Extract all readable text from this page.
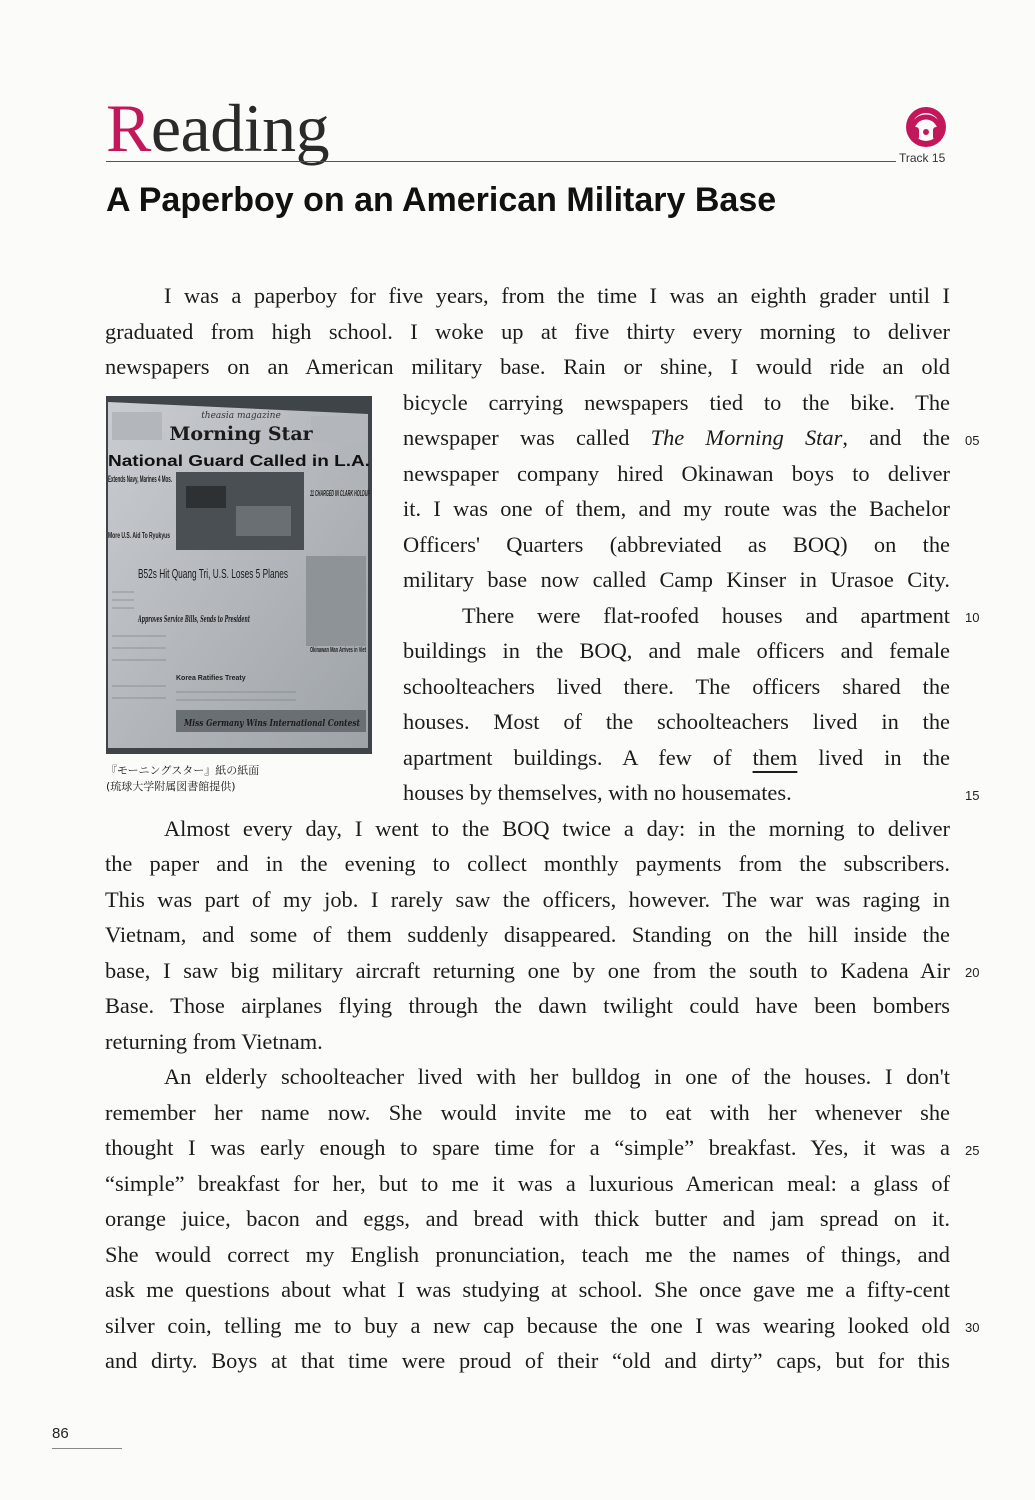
Reading	Track 15
A Paperboy on an American Military Base
theasia magazine
Morning Star
National Guard Called in L.A.
Extends Navy, Marines 4 Mos.
11 CHARGED IN CLARK HOLDUP
More U.S. Aid To Ryukyus
B52s Hit Quang Tri, U.S. Loses 5 Planes
Approves Service Bills, Sends to President
Okinawan Man Arrives in Viet
Korea Ratifies Treaty
Miss Germany Wins International Contest
『モーニングスター』紙の紙面
(琉球大学附属図書館提供)
I was a paperboy for five years, from the time I was an eighth grader until I
graduated from high school. I woke up at five thirty every morning to deliver
newspapers on an American military base. Rain or shine, I would ride an old
bicycle carrying newspapers tied to the bike. The
newspaper was called The Morning Star, and the
newspaper company hired Okinawan boys to deliver
it. I was one of them, and my route was the Bachelor
Officers' Quarters (abbreviated as BOQ) on the
military base now called Camp Kinser in Urasoe City.
There were flat-roofed houses and apartment
buildings in the BOQ, and male officers and female
schoolteachers lived there. The officers shared the
houses. Most of the schoolteachers lived in the
apartment buildings. A few of them lived in the
houses by themselves, with no housemates.
Almost every day, I went to the BOQ twice a day: in the morning to deliver
the paper and in the evening to collect monthly payments from the subscribers.
This was part of my job. I rarely saw the officers, however. The war was raging in
Vietnam, and some of them suddenly disappeared. Standing on the hill inside the
base, I saw big military aircraft returning one by one from the south to Kadena Air
Base. Those airplanes flying through the dawn twilight could have been bombers
returning from Vietnam.
An elderly schoolteacher lived with her bulldog in one of the houses. I don't
remember her name now. She would invite me to eat with her whenever she
thought I was early enough to spare time for a “simple” breakfast. Yes, it was a
“simple” breakfast for her, but to me it was a luxurious American meal: a glass of
orange juice, bacon and eggs, and bread with thick butter and jam spread on it.
She would correct my English pronunciation, teach me the names of things, and
ask me questions about what I was studying at school. She once gave me a fifty-cent
silver coin, telling me to buy a new cap because the one I was wearing looked old
and dirty. Boys at that time were proud of their “old and dirty” caps, but for this
05
10
15
20
25
30
86
